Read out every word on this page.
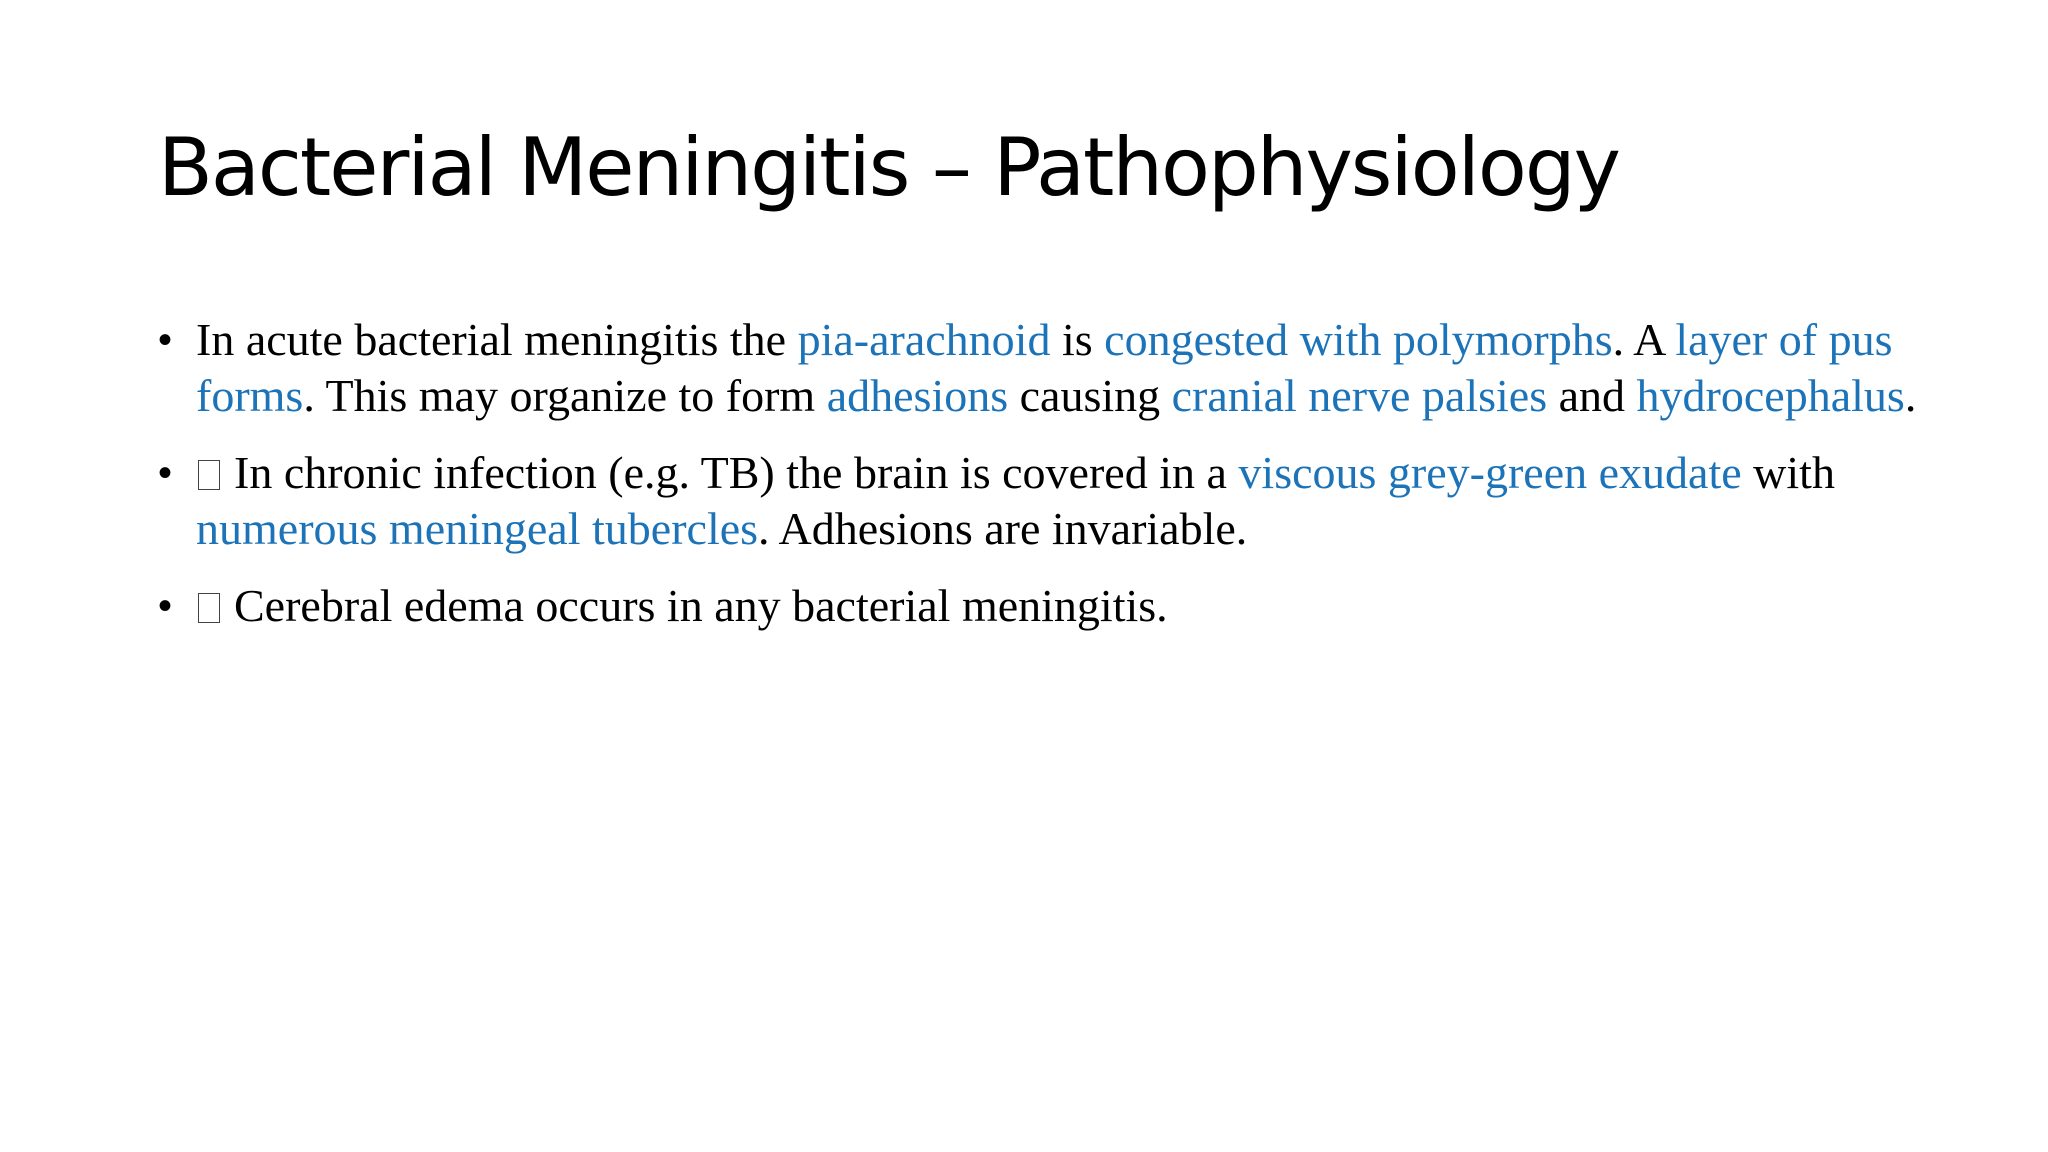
Bacterial Meningitis – Pathophysiology
• In acute bacterial meningitis the pia-arachnoid is congested with polymorphs. A layer of pus forms. This may organize to form adhesions causing cranial nerve palsies and hydrocephalus.
• In chronic infection (e.g. TB) the brain is covered in a viscous grey-green exudate with numerous meningeal tubercles. Adhesions are invariable.
• Cerebral edema occurs in any bacterial meningitis.
